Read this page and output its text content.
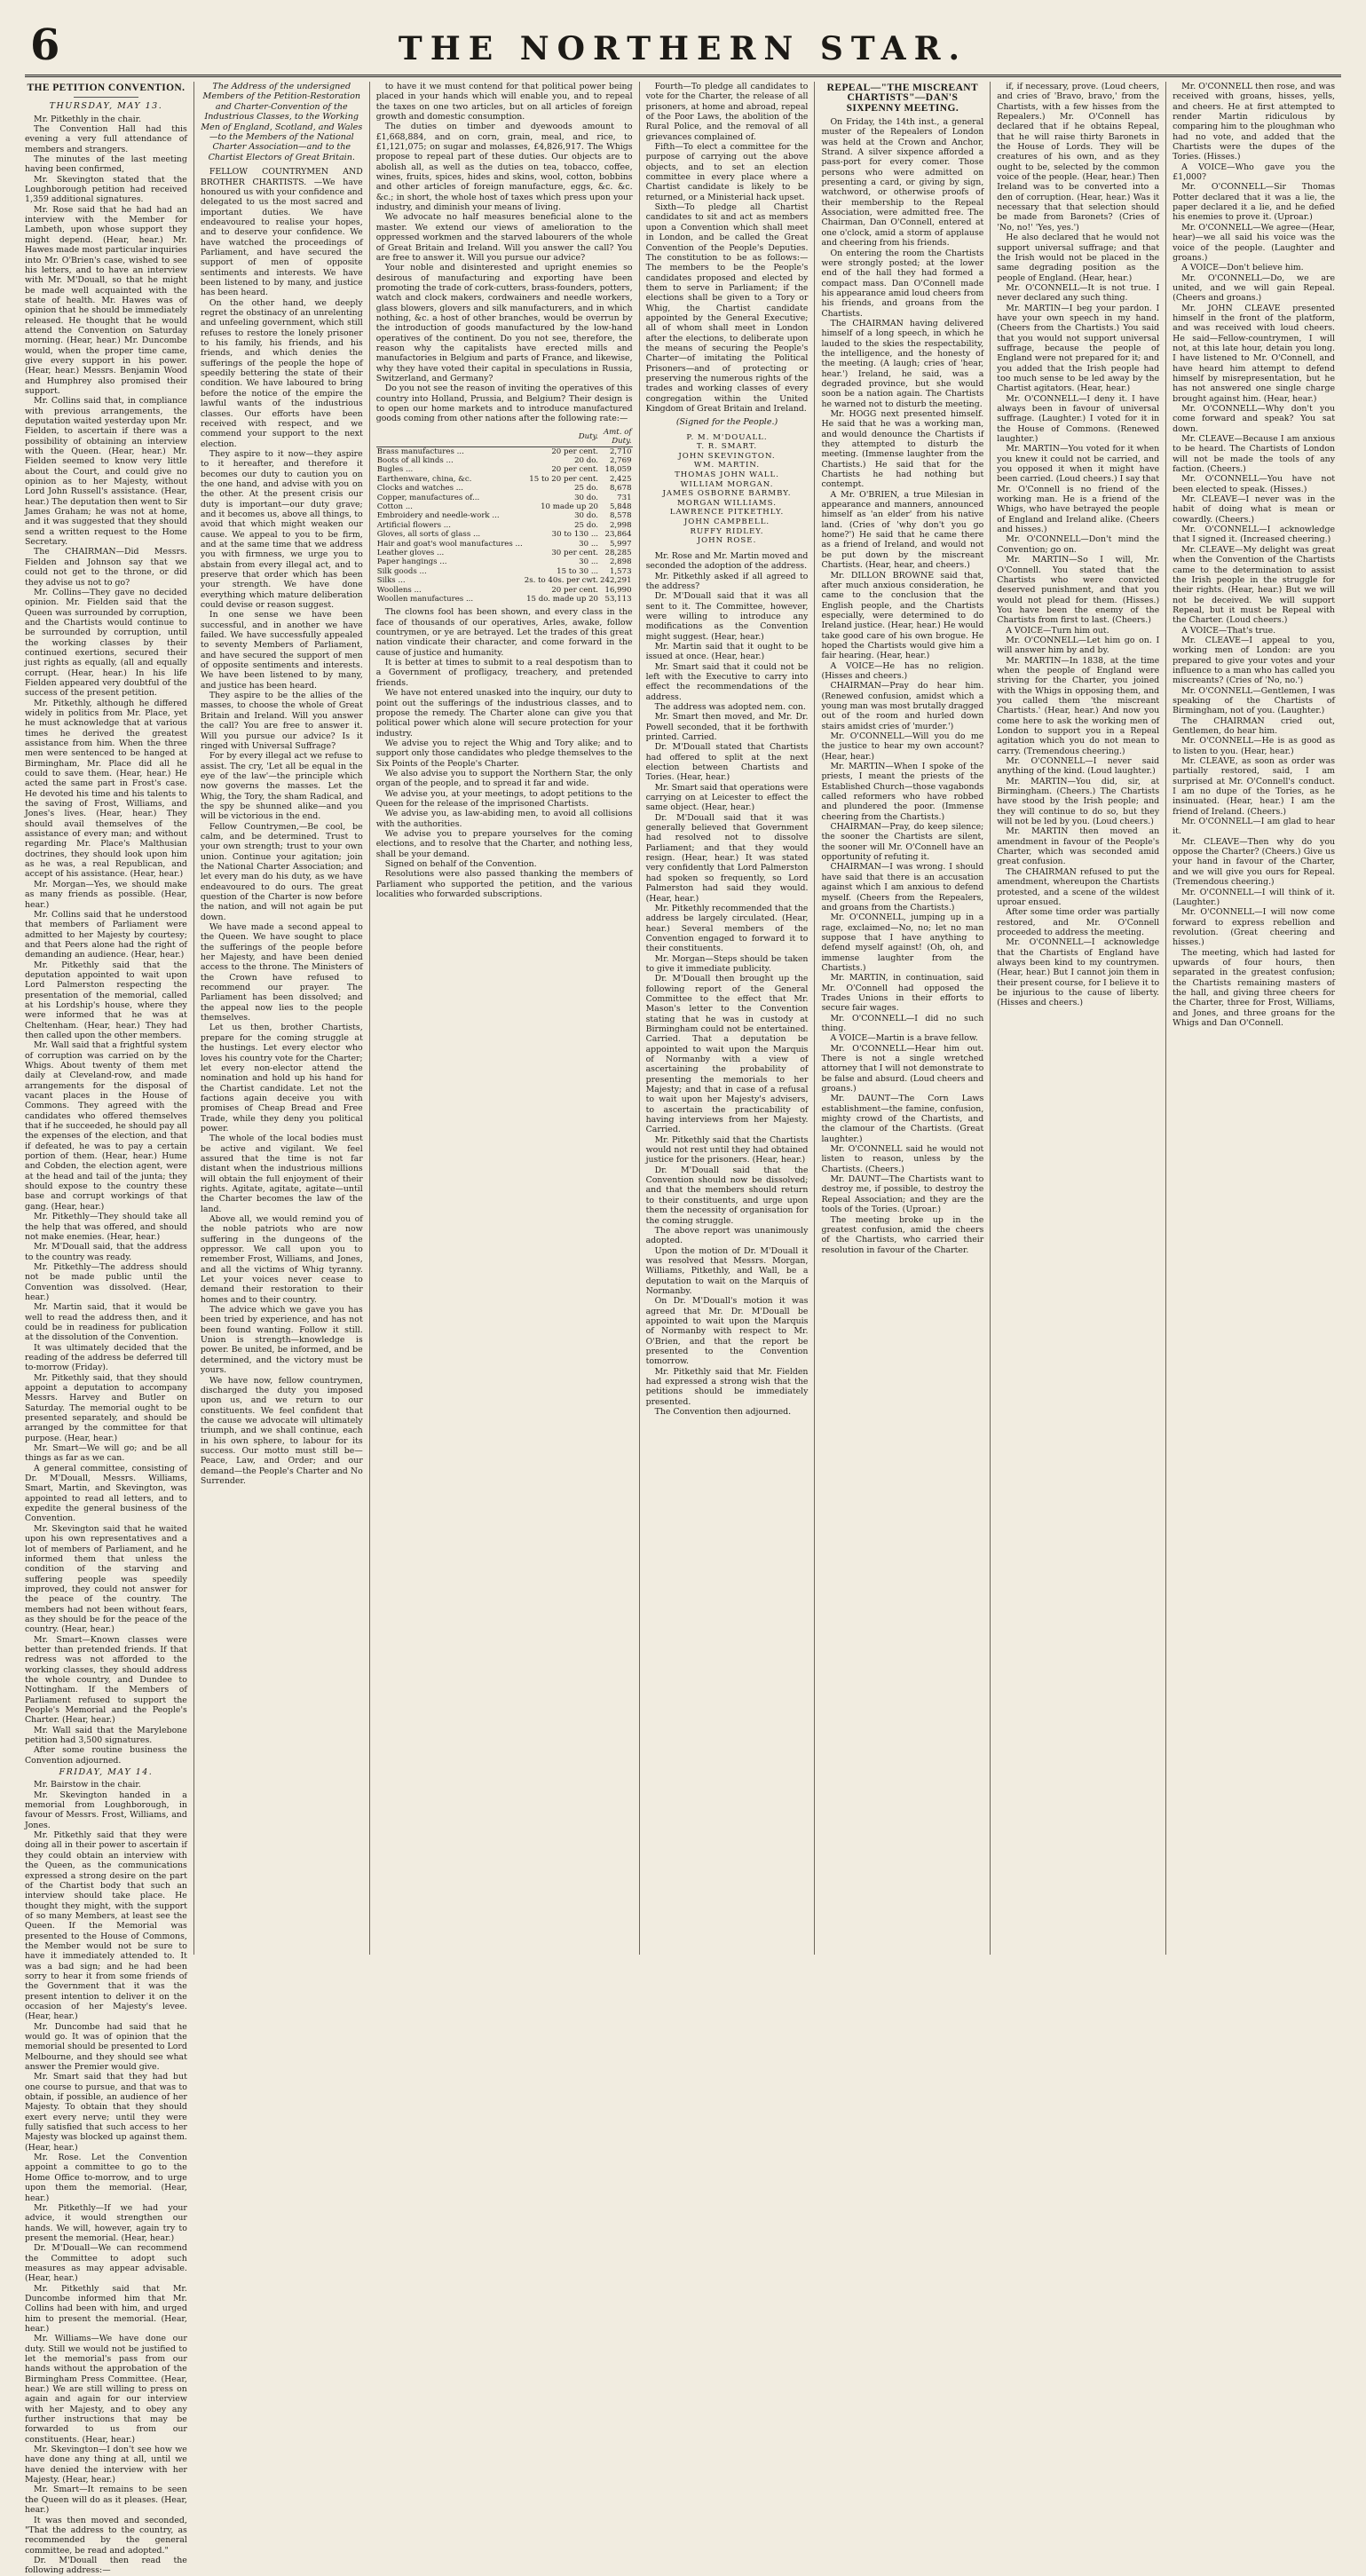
6	THE NORTHERN STAR.
THE PETITION CONVENTION.
THURSDAY, MAY 13.

Mr. Pitkethly in the chair.

The Convention Hall had this evening a very full attendance of members and strangers.

The minutes of the last meeting having been confirmed,

Mr. Skevington stated that the Loughborough petition had received 1,359 additional signatures.

Mr. Rose said that he had had an interview with the Member for Lambeth, upon whose support they might depend. (Hear, hear.) Mr. Hawes made most particular inquiries into Mr. O'Brien's case, wished to see his letters, and to have an interview with Mr. M'Douall, so that he might be made well acquainted with the state of health. Mr. Hawes was of opinion that he should be immediately released. He thought that he would attend the Convention on Saturday morning. (Hear, hear.) Mr. Duncombe would, when the proper time came, give every support in his power. (Hear, hear.) Messrs. Benjamin Wood and Humphrey also promised their support.

Mr. Collins said that, in compliance with previous arrangements, the deputation waited yesterday upon Mr. Fielden, to ascertain if there was a possibility of obtaining an interview with the Queen. (Hear, hear.) Mr. Fielden seemed to know very little about the Court, and could give no opinion as to her Majesty, without Lord John Russell's assistance. (Hear, hear.) The deputation then went to Sir James Graham; he was not at home, and it was suggested that they should send a written request to the Home Secretary.

The CHAIRMAN—Did Messrs. Fielden and Johnson say that we could not get to the throne, or did they advise us not to go?

Mr. Collins—They gave no decided opinion. Mr. Fielden said that the Queen was surrounded by corruption, and the Chartists would continue to be surrounded by corruption, until the working classes by their continued exertions, secured their just rights as equally, (all and equally corrupt. (Hear, hear.) In his life Fielden appeared very doubtful of the success of the present petition.

Mr. Pitkethly, although he differed widely in politics from Mr. Place, yet he must acknowledge that at various times he derived the greatest assistance from him. When the three men were sentenced to be hanged at Birmingham, Mr. Place did all he could to save them. (Hear, hear.) He acted the same part in Frost's case. He devoted his time and his talents to the saving of Frost, Williams, and Jones's lives. (Hear, hear.) They should avail themselves of the assistance of every man; and without regarding Mr. Place's Malthusian doctrines, they should look upon him as he was, a real Republican, and accept of his assistance. (Hear, hear.)

Mr. Morgan—Yes, we should make as many friends as possible. (Hear, hear.)

Mr. Collins said that he understood that members of Parliament were admitted to her Majesty by courtesy; and that Peers alone had the right of demanding an audience. (Hear, hear.)

Mr. Pitkethly said that the deputation appointed to wait upon Lord Palmerston respecting the presentation of the memorial, called at his Lordship's house, where they were informed that he was at Cheltenham. (Hear, hear.) They had then called upon the other members.

Mr. Wall said that a frightful system of corruption was carried on by the Whigs. About twenty of them met daily at Cleveland-row, and made arrangements for the disposal of vacant places in the House of Commons. They agreed with the candidates who offered themselves that if he succeeded, he should pay all the expenses of the election, and that if defeated, he was to pay a certain portion of them. (Hear, hear.) Hume and Cobden, the election agent, were at the head and tail of the junta; they should expose to the country these base and corrupt workings of that gang. (Hear, hear.)

Mr. Pitkethly—They should take all the help that was offered, and should not make enemies. (Hear, hear.)

Mr. M'Douall said, that the address to the country was ready.

Mr. Pitkethly—The address should not be made public until the Convention was dissolved. (Hear, hear.)

Mr. Martin said, that it would be well to read the address then, and it could be in readiness for publication at the dissolution of the Convention.

It was ultimately decided that the reading of the address be deferred till to-morrow (Friday).

Mr. Pitkethly said, that they should appoint a deputation to accompany Messrs. Harvey and Butler on Saturday. The memorial ought to be presented separately, and should be arranged by the committee for that purpose. (Hear, hear.)

Mr. Smart—We will go; and be all things as far as we can.

A general committee, consisting of Dr. M'Douall, Messrs. Williams, Smart, Martin, and Skevington, was appointed to read all letters, and to expedite the general business of the Convention.

Mr. Skevington said that he waited upon his own representatives and a lot of members of Parliament, and he informed them that unless the condition of the starving and suffering people was speedily improved, they could not answer for the peace of the country. The members had not been without fears, as they should be for the peace of the country. (Hear, hear.)

Mr. Smart—Known classes were better than pretended friends. If that redress was not afforded to the working classes, they should address the whole country, and Dundee to Nottingham. If the Members of Parliament refused to support the People's Memorial and the People's Charter. (Hear, hear.)

Mr. Wall said that the Marylebone petition had 3,500 signatures.

After some routine business the Convention adjourned.

FRIDAY, MAY 14.

Mr. Bairstow in the chair.

Mr. Skevington handed in a memorial from Loughborough, in favour of Messrs. Frost, Williams, and Jones.

Mr. Pitkethly said that they were doing all in their power to ascertain if they could obtain an interview with the Queen, as the communications expressed a strong desire on the part of the Chartist body that such an interview should take place. He thought they might, with the support of so many Members, at least see the Queen. If the Memorial was presented to the House of Commons, the Member would not be sure to have it immediately attended to. It was a bad sign; and he had been sorry to hear it from some friends of the Government that it was the present intention to deliver it on the occasion of her Majesty's levee. (Hear, hear.)

Mr. Duncombe had said that he would go. It was of opinion that the memorial should be presented to Lord Melbourne, and they should see what answer the Premier would give.

Mr. Smart said that they had but one course to pursue, and that was to obtain, if possible, an audience of her Majesty. To obtain that they should exert every nerve; until they were fully satisfied that such access to her Majesty was blocked up against them. (Hear, hear.)

Mr. Rose. Let the Convention appoint a committee to go to the Home Office to-morrow, and to urge upon them the memorial. (Hear, hear.)

Mr. Pitkethly—If we had your advice, it would strengthen our hands. We will, however, again try to present the memorial. (Hear, hear.)

Dr. M'Douall—We can recommend the Committee to adopt such measures as may appear advisable. (Hear, hear.)

Mr. Pitkethly said that Mr. Duncombe informed him that Mr. Collins had been with him, and urged him to present the memorial. (Hear, hear.)

Mr. Williams—We have done our duty. Still we would not be justified to let the memorial's pass from our hands without the approbation of the Birmingham Press Committee. (Hear, hear.) We are still willing to press on again and again for our interview with her Majesty, and to obey any further instructions that may be forwarded to us from our constituents. (Hear, hear.)

Mr. Skevington—I don't see how we have done any thing at all, until we have denied the interview with her Majesty. (Hear, hear.)

Mr. Smart—It remains to be seen the Queen will do as it pleases. (Hear, hear.)

It was then moved and seconded, "That the address to the country, as recommended by the general committee, be read and adopted."

Dr. M'Douall then read the following address:—

The Address of the undersigned Members of the Petition-Restoration and Charter-Convention of the Industrious Classes, to the Working Men of England, Scotland, and Wales—to the Members of the National Charter Association—and to the Chartist Electors of Great Britain.

FELLOW COUNTRYMEN AND BROTHER CHARTISTS. —We have honoured us with your confidence and delegated to us the most sacred and important duties. We have endeavoured to realise your hopes, and to deserve your confidence. We have watched the proceedings of Parliament, and have secured the support of men of opposite sentiments and interests. We have been listened to by many, and justice has been heard.

On the other hand, we deeply regret the obstinacy of an unrelenting and unfeeling government, which still refuses to restore the lonely prisoner to his family, his friends, and his friends, and which denies the sufferings of the people the hope of speedily bettering the state of their condition. We have laboured to bring before the notice of the empire the lawful wants of the industrious classes. Our efforts have been received with respect, and we commend your support to the next election.

They aspire to it now—they aspire to it hereafter, and therefore it becomes our duty to caution you on the one hand, and advise with you on the other. At the present crisis our duty is important—our duty grave; and it becomes us, above all things, to avoid that which might weaken our cause. We appeal to you to be firm, and at the same time that we address you with firmness, we urge you to abstain from every illegal act, and to preserve that order which has been your strength. We have done everything which mature deliberation could devise or reason suggest.

In one sense we have been successful, and in another we have failed. We have successfully appealed to seventy Members of Parliament, and have secured the support of men of opposite sentiments and interests. We have been listened to by many, and justice has been heard.

They aspire to be the allies of the masses, to choose the whole of Great Britain and Ireland. Will you answer the call? You are free to answer it. Will you pursue our advice? Is it ringed with Universal Suffrage?

For by every illegal act we refuse to assist. The cry, 'Let all be equal in the eye of the law'—the principle which now governs the masses. Let the Whig, the Tory, the sham Radical, and the spy be shunned alike—and you will be victorious in the end.

Fellow Countrymen,—Be cool, be calm, and be determined. Trust to your own strength; trust to your own union. Continue your agitation; join the National Charter Association; and let every man do his duty, as we have endeavoured to do ours. The great question of the Charter is now before the nation, and will not again be put down.

We have made a second appeal to the Queen. We have sought to place the sufferings of the people before her Majesty, and have been denied access to the throne. The Ministers of the Crown have refused to recommend our prayer. The Parliament has been dissolved; and the appeal now lies to the people themselves.

Let us then, brother Chartists, prepare for the coming struggle at the hustings. Let every elector who loves his country vote for the Charter; let every non-elector attend the nomination and hold up his hand for the Chartist candidate. Let not the factions again deceive you with promises of Cheap Bread and Free Trade, while they deny you political power.

The whole of the local bodies must be active and vigilant. We feel assured that the time is not far distant when the industrious millions will obtain the full enjoyment of their rights. Agitate, agitate, agitate—until the Charter becomes the law of the land.

Above all, we would remind you of the noble patriots who are now suffering in the dungeons of the oppressor. We call upon you to remember Frost, Williams, and Jones, and all the victims of Whig tyranny. Let your voices never cease to demand their restoration to their homes and to their country.

The advice which we gave you has been tried by experience, and has not been found wanting. Follow it still. Union is strength—knowledge is power. Be united, be informed, and be determined, and the victory must be yours.

We have now, fellow countrymen, discharged the duty you imposed upon us, and we return to our constituents. We feel confident that the cause we advocate will ultimately triumph, and we shall continue, each in his own sphere, to labour for its success. Our motto must still be—Peace, Law, and Order; and our demand—the People's Charter and No Surrender.

to have it we must contend for that political power being placed in your hands which will enable you, and to repeal the taxes on one two articles, but on all articles of foreign growth and domestic consumption.

The duties on timber and dyewoods amount to £1,668,884, and on corn, grain, meal, and rice, to £1,121,075; on sugar and molasses, £4,826,917. The Whigs propose to repeal part of these duties. Our objects are to abolish all, as well as the duties on tea, tobacco, coffee, wines, fruits, spices, hides and skins, wool, cotton, bobbins and other articles of foreign manufacture, eggs, &c. &c. &c.; in short, the whole host of taxes which press upon your industry, and diminish your means of living.

We advocate no half measures beneficial alone to the master. We extend our views of amelioration to the oppressed workmen and the starved labourers of the whole of Great Britain and Ireland. Will you answer the call? You are free to answer it. Will you pursue our advice?

Your noble and disinterested and upright enemies so desirous of manufacturing and exporting have been promoting the trade of cork-cutters, brass-founders, potters, watch and clock makers, cordwainers and needle workers, glass blowers, glovers and silk manufacturers, and in which nothing, &c. a host of other branches, would be overrun by the introduction of goods manufactured by the low-hand operatives of the continent. Do you not see, therefore, the reason why the capitalists have erected mills and manufactories in Belgium and parts of France, and likewise, why they have voted their capital in speculations in Russia, Switzerland, and Germany?

Do you not see the reason of inviting the operatives of this country into Holland, Prussia, and Belgium? Their design is to open our home markets and to introduce manufactured goods coming from other nations after the following rate:—

	Duty.	Amt. of Duty.
Brass manufactures ...	20 per cent.	2,710
Boots of all kinds ...	20 do.	2,769
Bugles ...	20 per cent.	18,059
Earthenware, china, &c.	15 to 20 per cent.	2,425
Clocks and watches ...	25 do.	8,678
Copper, manufactures of...	30 do.	731
Cotton ...	10 made up 20	5,848
Embroidery and needle-work ...	30 do.	8,578
Artificial flowers ...	25 do.	2,998
Gloves, all sorts of glass ...	30 to 130 ...	23,864
Hair and goat's wool manufactures ...	30 ...	5,997
Leather gloves ...	30 per cent.	28,285
Paper hangings ...	30 ...	2,898
Silk goods ...	15 to 30 ...	1,573
Silks ...	2s. to 40s. per cwt.	242,291
Woollens ...	20 per cent.	16,990
Woollen manufactures ...	15 do. made up 20	53,113

The clowns fool has been shown, and every class in the face of thousands of our operatives, Arles, awake, follow countrymen, or ye are betrayed. Let the trades of this great nation vindicate their character, and come forward in the cause of justice and humanity.

It is better at times to submit to a real despotism than to a Government of profligacy, treachery, and pretended friends.

We have not entered unasked into the inquiry, our duty to point out the sufferings of the industrious classes, and to propose the remedy. The Charter alone can give you that political power which alone will secure protection for your industry.

We advise you to reject the Whig and Tory alike; and to support only those candidates who pledge themselves to the Six Points of the People's Charter.

We also advise you to support the Northern Star, the only organ of the people, and to spread it far and wide.

We advise you, at your meetings, to adopt petitions to the Queen for the release of the imprisoned Chartists.

We advise you, as law-abiding men, to avoid all collisions with the authorities.

We advise you to prepare yourselves for the coming elections, and to resolve that the Charter, and nothing less, shall be your demand.

Signed on behalf of the Convention.

Resolutions were also passed thanking the members of Parliament who supported the petition, and the various localities who forwarded subscriptions.

Fourth—To pledge all candidates to vote for the Charter, the release of all prisoners, at home and abroad, repeal of the Poor Laws, the abolition of the Rural Police, and the removal of all grievances complained of.

Fifth—To elect a committee for the purpose of carrying out the above objects, and to set an election committee in every place where a Chartist candidate is likely to be returned, or a Ministerial hack upset.

Sixth—To pledge all Chartist candidates to sit and act as members upon a Convention which shall meet in London, and be called the Great Convention of the People's Deputies. The constitution to be as follows:—The members to be the People's candidates proposed and elected by them to serve in Parliament; if the elections shall be given to a Tory or Whig, the Chartist candidate appointed by the General Executive; all of whom shall meet in London after the elections, to deliberate upon the means of securing the People's Charter—of imitating the Political Prisoners—and of protecting or preserving the numerous rights of the trades and working classes of every congregation within the United Kingdom of Great Britain and Ireland.

(Signed for the People.)
P. M. M'DOUALL.
T. R. SMART.
JOHN SKEVINGTON.
WM. MARTIN.
THOMAS JOHN WALL.
WILLIAM MORGAN.
JAMES OSBORNE BARMBY.
MORGAN WILLIAMS.
LAWRENCE PITKETHLY.
JOHN CAMPBELL.
RUFFY RIDLEY.
JOHN ROSE.

Mr. Rose and Mr. Martin moved and seconded the adoption of the address.

Mr. Pitkethly asked if all agreed to the address?

Dr. M'Douall said that it was all sent to it. The Committee, however, were willing to introduce any modifications as the Convention might suggest. (Hear, hear.)

Mr. Martin said that it ought to be issued at once. (Hear, hear.)

Mr. Smart said that it could not be left with the Executive to carry into effect the recommendations of the address.

The address was adopted nem. con.

Mr. Smart then moved, and Mr. Dr. Powell seconded, that it be forthwith printed. Carried.

Dr. M'Douall stated that Chartists had offered to split at the next election between Chartists and Tories. (Hear, hear.)

Mr. Smart said that operations were carrying on at Leicester to effect the same object. (Hear, hear.)

Dr. M'Douall said that it was generally believed that Government had resolved not to dissolve Parliament; and that they would resign. (Hear, hear.) It was stated very confidently that Lord Palmerston had spoken so frequently, so Lord Palmerston had said they would. (Hear, hear.)

Mr. Pitkethly recommended that the address be largely circulated. (Hear, hear.) Several members of the Convention engaged to forward it to their constituents.

Mr. Morgan—Steps should be taken to give it immediate publicity.

Dr. M'Douall then brought up the following report of the General Committee to the effect that Mr. Mason's letter to the Convention stating that he was in custody at Birmingham could not be entertained. Carried. That a deputation be appointed to wait upon the Marquis of Normanby with a view of ascertaining the probability of presenting the memorials to her Majesty; and that in case of a refusal to wait upon her Majesty's advisers, to ascertain the practicability of having interviews from her Majesty. Carried.

Mr. Pitkethly said that the Chartists would not rest until they had obtained justice for the prisoners. (Hear, hear.)

Dr. M'Douall said that the Convention should now be dissolved; and that the members should return to their constituents, and urge upon them the necessity of organisation for the coming struggle.

The above report was unanimously adopted.

Upon the motion of Dr. M'Douall it was resolved that Messrs. Morgan, Williams, Pitkethly, and Wall, be a deputation to wait on the Marquis of Normanby.

On Dr. M'Douall's motion it was agreed that Mr. Dr. M'Douall be appointed to wait upon the Marquis of Normanby with respect to Mr. O'Brien, and that the report be presented to the Convention tomorrow.

Mr. Pitkethly said that Mr. Fielden had expressed a strong wish that the petitions should be immediately presented.

The Convention then adjourned.

REPEAL—"THE MISCREANT CHARTISTS"—DAN'S SIXPENNY MEETING.

On Friday, the 14th inst., a general muster of the Repealers of London was held at the Crown and Anchor, Strand. A silver sixpence afforded a pass-port for every comer. Those persons who were admitted on presenting a card, or giving by sign, watchword, or otherwise proofs of their membership to the Repeal Association, were admitted free. The Chairman, Dan O'Connell, entered at one o'clock, amid a storm of applause and cheering from his friends.

On entering the room the Chartists were strongly posted; at the lower end of the hall they had formed a compact mass. Dan O'Connell made his appearance amid loud cheers from his friends, and groans from the Chartists.

The CHAIRMAN having delivered himself of a long speech, in which he lauded to the skies the respectability, the intelligence, and the honesty of the meeting. (A laugh; cries of 'hear, hear.') Ireland, he said, was a degraded province, but she would soon be a nation again. The Chartists he warned not to disturb the meeting.

Mr. HOGG next presented himself. He said that he was a working man, and would denounce the Chartists if they attempted to disturb the meeting. (Immense laughter from the Chartists.) He said that for the Chartists he had nothing but contempt.

A Mr. O'BRIEN, a true Milesian in appearance and manners, announced himself as 'an elder' from his native land. (Cries of 'why don't you go home?') He said that he came there as a friend of Ireland, and would not be put down by the miscreant Chartists. (Hear, hear, and cheers.)

Mr. DILLON BROWNE said that, after much anxious consideration, he came to the conclusion that the English people, and the Chartists especially, were determined to do Ireland justice. (Hear, hear.) He would take good care of his own brogue. He hoped the Chartists would give him a fair hearing. (Hear, hear.)

A VOICE—He has no religion. (Hisses and cheers.)

CHAIRMAN—Pray do hear him. (Renewed confusion, amidst which a young man was most brutally dragged out of the room and hurled down stairs amidst cries of 'murder.')

Mr. O'CONNELL—Will you do me the justice to hear my own account? (Hear, hear.)

Mr. MARTIN—When I spoke of the priests, I meant the priests of the Established Church—those vagabonds called reformers who have robbed and plundered the poor. (Immense cheering from the Chartists.)

CHAIRMAN—Pray, do keep silence; the sooner the Chartists are silent, the sooner will Mr. O'Connell have an opportunity of refuting it.

CHAIRMAN—I was wrong. I should have said that there is an accusation against which I am anxious to defend myself. (Cheers from the Repealers, and groans from the Chartists.)

Mr. O'CONNELL, jumping up in a rage, exclaimed—No, no; let no man suppose that I have anything to defend myself against! (Oh, oh, and immense laughter from the Chartists.)

Mr. MARTIN, in continuation, said Mr. O'Connell had opposed the Trades Unions in their efforts to secure fair wages.

Mr. O'CONNELL—I did no such thing.

A VOICE—Martin is a brave fellow.

Mr. O'CONNELL—Hear him out. There is not a single wretched attorney that I will not demonstrate to be false and absurd. (Loud cheers and groans.)

Mr. DAUNT—The Corn Laws establishment—the famine, confusion, mighty crowd of the Chartists, and the clamour of the Chartists. (Great laughter.)

Mr. O'CONNELL said he would not listen to reason, unless by the Chartists. (Cheers.)

Mr. DAUNT—The Chartists want to destroy me, if possible, to destroy the Repeal Association; and they are the tools of the Tories. (Uproar.)

The meeting broke up in the greatest confusion, amid the cheers of the Chartists, who carried their resolution in favour of the Charter.

if, if necessary, prove. (Loud cheers, and cries of 'Bravo, bravo,' from the Chartists, with a few hisses from the Repealers.) Mr. O'Connell has declared that if he obtains Repeal, that he will raise thirty Baronets in the House of Lords. They will be creatures of his own, and as they ought to be, selected by the common voice of the people. (Hear, hear.) Then Ireland was to be converted into a den of corruption. (Hear, hear.) Was it necessary that that selection should be made from Baronets? (Cries of 'No, no!' 'Yes, yes.')

He also declared that he would not support universal suffrage; and that the Irish would not be placed in the same degrading position as the people of England. (Hear, hear.)

Mr. O'CONNELL—It is not true. I never declared any such thing.

Mr. MARTIN—I beg your pardon. I have your own speech in my hand. (Cheers from the Chartists.) You said that you would not support universal suffrage, because the people of England were not prepared for it; and you added that the Irish people had too much sense to be led away by the Chartist agitators. (Hear, hear.)

Mr. O'CONNELL—I deny it. I have always been in favour of universal suffrage. (Laughter.) I voted for it in the House of Commons. (Renewed laughter.)

Mr. MARTIN—You voted for it when you knew it could not be carried, and you opposed it when it might have been carried. (Loud cheers.) I say that Mr. O'Connell is no friend of the working man. He is a friend of the Whigs, who have betrayed the people of England and Ireland alike. (Cheers and hisses.)

Mr. O'CONNELL—Don't mind the Convention; go on.

Mr. MARTIN—So I will, Mr. O'Connell. You stated that the Chartists who were convicted deserved punishment, and that you would not plead for them. (Hisses.) You have been the enemy of the Chartists from first to last. (Cheers.)

A VOICE—Turn him out.

Mr. O'CONNELL—Let him go on. I will answer him by and by.

Mr. MARTIN—In 1838, at the time when the people of England were striving for the Charter, you joined with the Whigs in opposing them, and you called them 'the miscreant Chartists.' (Hear, hear.) And now you come here to ask the working men of London to support you in a Repeal agitation which you do not mean to carry. (Tremendous cheering.)

Mr. O'CONNELL—I never said anything of the kind. (Loud laughter.)

Mr. MARTIN—You did, sir, at Birmingham. (Cheers.) The Chartists have stood by the Irish people; and they will continue to do so, but they will not be led by you. (Loud cheers.)

Mr. MARTIN then moved an amendment in favour of the People's Charter, which was seconded amid great confusion.

The CHAIRMAN refused to put the amendment, whereupon the Chartists protested, and a scene of the wildest uproar ensued.

After some time order was partially restored, and Mr. O'Connell proceeded to address the meeting.

Mr. O'CONNELL—I acknowledge that the Chartists of England have always been kind to my countrymen. (Hear, hear.) But I cannot join them in their present course, for I believe it to be injurious to the cause of liberty. (Hisses and cheers.)

Mr. O'CONNELL then rose, and was received with groans, hisses, yells, and cheers. He at first attempted to render Martin ridiculous by comparing him to the ploughman who had no vote, and added that the Chartists were the dupes of the Tories. (Hisses.)

A VOICE—Who gave you the £1,000?

Mr. O'CONNELL—Sir Thomas Potter declared that it was a lie, the paper declared it a lie, and he defied his enemies to prove it. (Uproar.)

Mr. O'CONNELL—We agree—(Hear, hear)—we all said his voice was the voice of the people. (Laughter and groans.)

A VOICE—Don't believe him.

Mr. O'CONNELL—Do, we are united, and we will gain Repeal. (Cheers and groans.)

Mr. JOHN CLEAVE presented himself in the front of the platform, and was received with loud cheers. He said—Fellow-countrymen, I will not, at this late hour, detain you long. I have listened to Mr. O'Connell, and have heard him attempt to defend himself by misrepresentation, but he has not answered one single charge brought against him. (Hear, hear.)

Mr. O'CONNELL—Why don't you come forward and speak? You sat down.

Mr. CLEAVE—Because I am anxious to be heard. The Chartists of London will not be made the tools of any faction. (Cheers.)

Mr. O'CONNELL—You have not been elected to speak. (Hisses.)

Mr. CLEAVE—I never was in the habit of doing what is mean or cowardly. (Cheers.)

Mr. O'CONNELL—I acknowledge that I signed it. (Increased cheering.)

Mr. CLEAVE—My delight was great when the Convention of the Chartists came to the determination to assist the Irish people in the struggle for their rights. (Hear, hear.) But we will not be deceived. We will support Repeal, but it must be Repeal with the Charter. (Loud cheers.)

A VOICE—That's true.

Mr. CLEAVE—I appeal to you, working men of London: are you prepared to give your votes and your influence to a man who has called you miscreants? (Cries of 'No, no.')

Mr. O'CONNELL—Gentlemen, I was speaking of the Chartists of Birmingham, not of you. (Laughter.)

The CHAIRMAN cried out, Gentlemen, do hear him.

Mr. O'CONNELL—He is as good as to listen to you. (Hear, hear.)

Mr. CLEAVE, as soon as order was partially restored, said, I am surprised at Mr. O'Connell's conduct. I am no dupe of the Tories, as he insinuated. (Hear, hear.) I am the friend of Ireland. (Cheers.)

Mr. O'CONNELL—I am glad to hear it.

Mr. CLEAVE—Then why do you oppose the Charter? (Cheers.) Give us your hand in favour of the Charter, and we will give you ours for Repeal. (Tremendous cheering.)

Mr. O'CONNELL—I will think of it. (Laughter.)

Mr. O'CONNELL—I will now come forward to express rebellion and revolution. (Great cheering and hisses.)

The meeting, which had lasted for upwards of four hours, then separated in the greatest confusion; the Chartists remaining masters of the hall, and giving three cheers for the Charter, three for Frost, Williams, and Jones, and three groans for the Whigs and Dan O'Connell.
